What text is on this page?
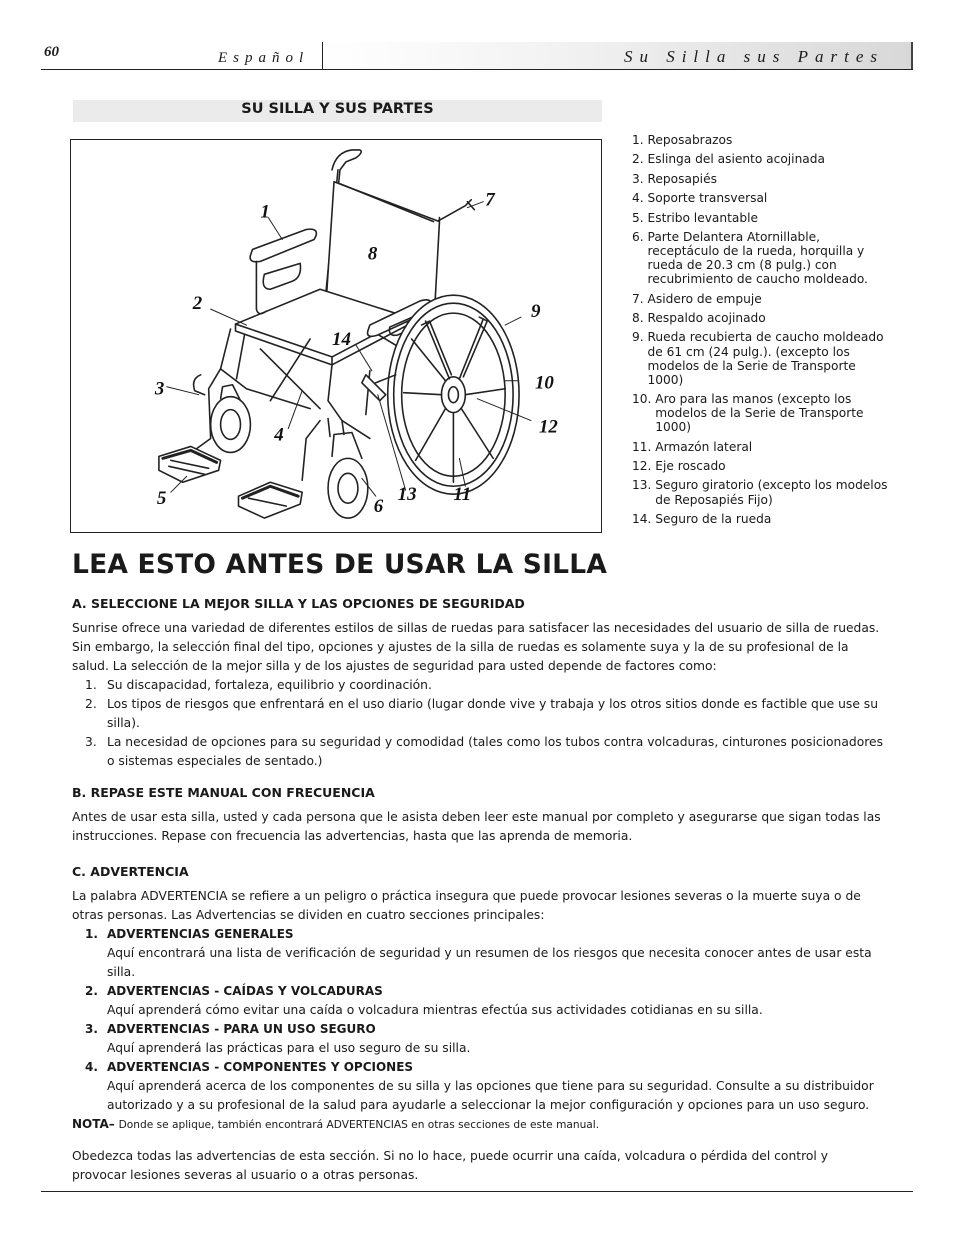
60	Español	Su Silla sus Partes
SU SILLA Y SUS PARTES
1
2
3
4
5	6
7
8
9
10
11
12
13
14
1. Reposabrazos
2. Eslinga del asiento acojinada
3. Reposapiés
4. Soporte transversal
5. Estribo levantable
6. Parte Delantera Atornillable, receptáculo de la rueda, horquilla y rueda de 20.3 cm (8 pulg.) con recubrimiento de caucho moldeado.
7. Asidero de empuje
8. Respaldo acojinado
9. Rueda recubierta de caucho moldeado de 61 cm (24 pulg.). (excepto los modelos de la Serie de Transporte 1000)
10. Aro para las manos (excepto los modelos de la Serie de Transporte 1000)
11. Armazón lateral
12. Eje roscado
13. Seguro giratorio (excepto los modelos de Reposapiés Fijo)
14. Seguro de la rueda
LEA ESTO ANTES DE USAR LA SILLA
A. SELECCIONE LA MEJOR SILLA Y LAS OPCIONES DE SEGURIDAD

Sunrise ofrece una variedad de diferentes estilos de sillas de ruedas para satisfacer las necesidades del usuario de silla de ruedas. Sin embargo, la selección final del tipo, opciones y ajustes de la silla de ruedas es solamente suya y la de su profesional de la salud. La selección de la mejor silla y de los ajustes de seguridad para usted depende de factores como:

1. Su discapacidad, fortaleza, equilibrio y coordinación.
2. Los tipos de riesgos que enfrentará en el uso diario (lugar donde vive y trabaja y los otros sitios donde es factible que use su silla).
3. La necesidad de opciones para su seguridad y comodidad (tales como los tubos contra volcaduras, cinturones posicionadores o sistemas especiales de sentado.)
B. REPASE ESTE MANUAL CON FRECUENCIA

Antes de usar esta silla, usted y cada persona que le asista deben leer este manual por completo y asegurarse que sigan todas las instrucciones. Repase con frecuencia las advertencias, hasta que las aprenda de memoria.

C. ADVERTENCIA

La palabra ADVERTENCIA se refiere a un peligro o práctica insegura que puede provocar lesiones severas o la muerte suya o de otras personas. Las Advertencias se dividen en cuatro secciones principales:

1. ADVERTENCIAS GENERALES
Aquí encontrará una lista de verificación de seguridad y un resumen de los riesgos que necesita conocer antes de usar esta silla.
2. ADVERTENCIAS - CAÍDAS Y VOLCADURAS
Aquí aprenderá cómo evitar una caída o volcadura mientras efectúa sus actividades cotidianas en su silla.
3. ADVERTENCIAS - PARA UN USO SEGURO
Aquí aprenderá las prácticas para el uso seguro de su silla.
4. ADVERTENCIAS - COMPONENTES Y OPCIONES
Aquí aprenderá acerca de los componentes de su silla y las opciones que tiene para su seguridad. Consulte a su distribuidor autorizado y a su profesional de la salud para ayudarle a seleccionar la mejor configuración y opciones para un uso seguro.

NOTA– Donde se aplique, también encontrará ADVERTENCIAS en otras secciones de este manual.

Obedezca todas las advertencias de esta sección. Si no lo hace, puede ocurrir una caída, volcadura o pérdida del control y provocar lesiones severas al usuario o a otras personas.
